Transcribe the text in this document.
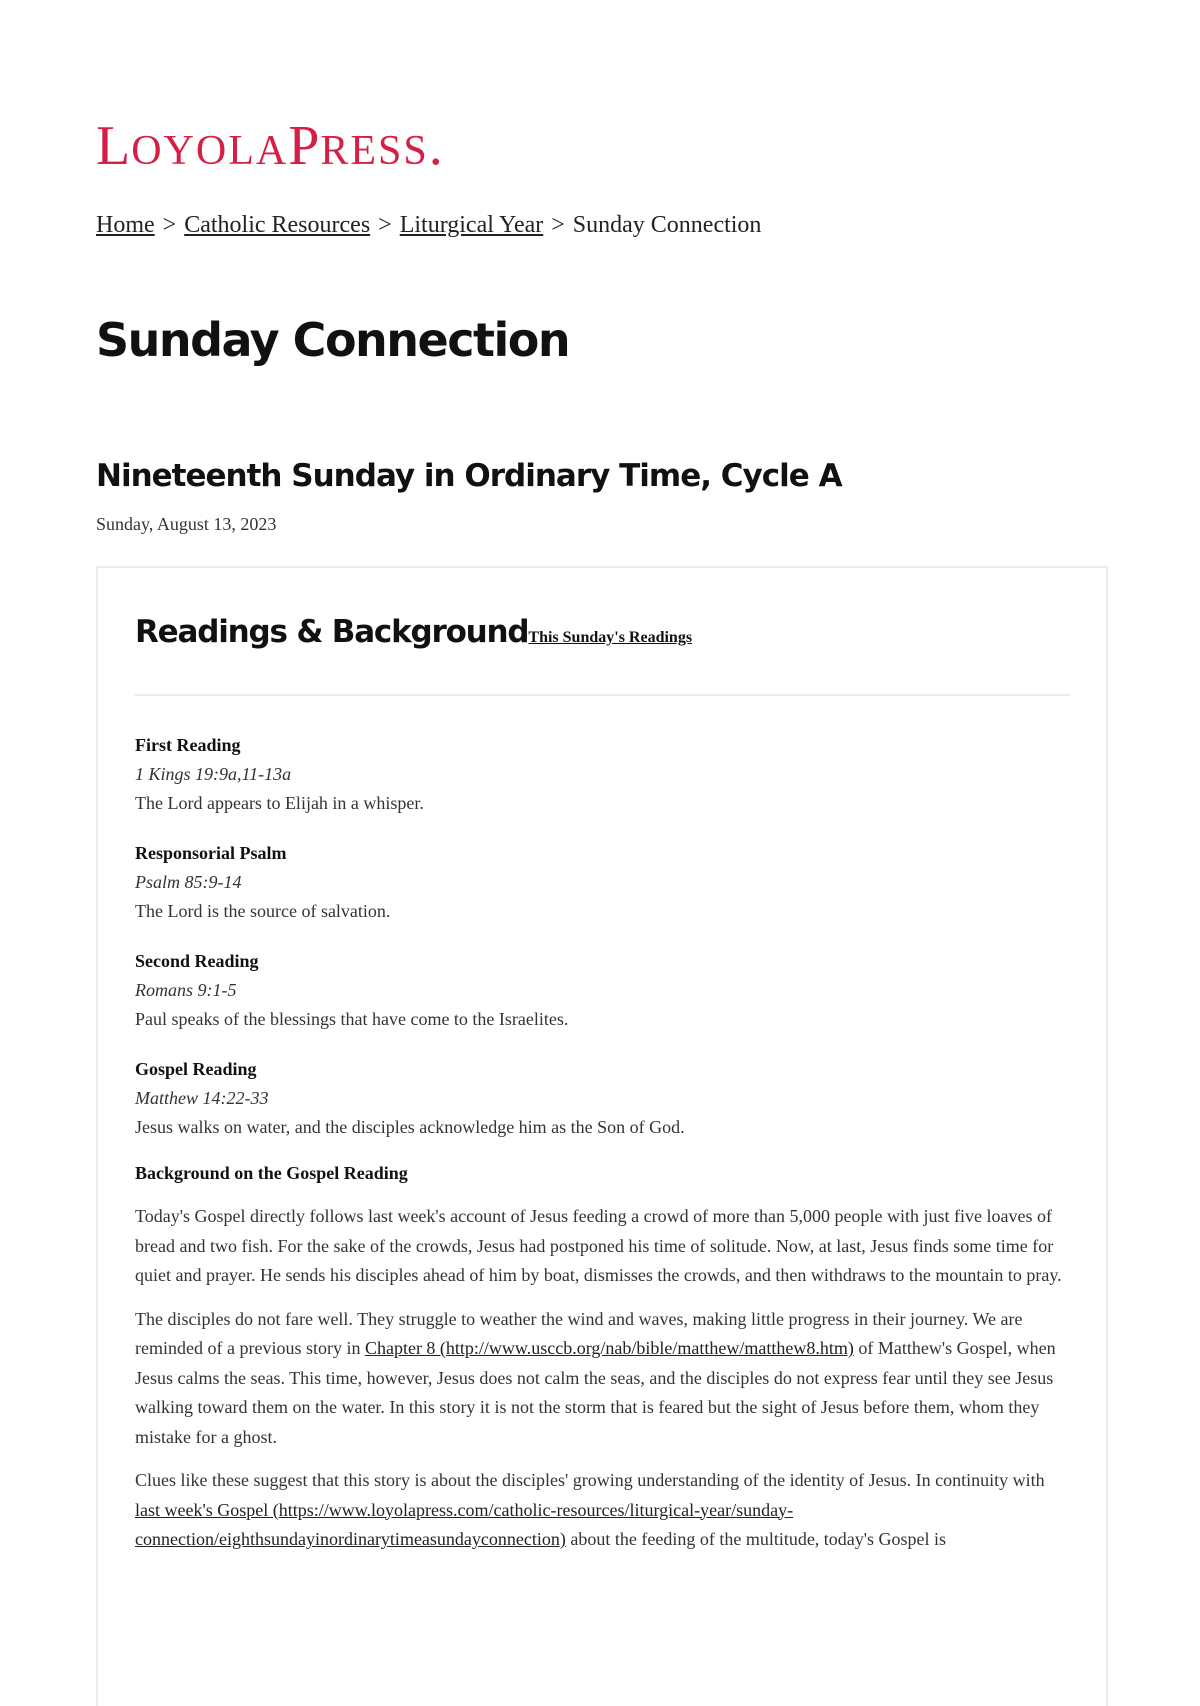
LOYOLAPRESS.
Home > Catholic Resources > Liturgical Year > Sunday Connection
Sunday Connection
Nineteenth Sunday in Ordinary Time, Cycle A
Sunday, August 13, 2023
Readings & BackgroundThis Sunday's Readings
First Reading
1 Kings 19:9a,11-13a
The Lord appears to Elijah in a whisper.
Responsorial Psalm
Psalm 85:9-14
The Lord is the source of salvation.
Second Reading
Romans 9:1-5
Paul speaks of the blessings that have come to the Israelites.
Gospel Reading
Matthew 14:22-33
Jesus walks on water, and the disciples acknowledge him as the Son of God.
Background on the Gospel Reading

Today's Gospel directly follows last week's account of Jesus feeding a crowd of more than 5,000 people with just five loaves of bread and two fish. For the sake of the crowds, Jesus had postponed his time of solitude. Now, at last, Jesus finds some time for quiet and prayer. He sends his disciples ahead of him by boat, dismisses the crowds, and then withdraws to the mountain to pray.

The disciples do not fare well. They struggle to weather the wind and waves, making little progress in their journey. We are reminded of a previous story in Chapter 8 (http://www.usccb.org/nab/bible/matthew/matthew8.htm) of Matthew's Gospel, when Jesus calms the seas. This time, however, Jesus does not calm the seas, and the disciples do not express fear until they see Jesus walking toward them on the water. In this story it is not the storm that is feared but the sight of Jesus before them, whom they mistake for a ghost.

Clues like these suggest that this story is about the disciples' growing understanding of the identity of Jesus. In continuity with last week's Gospel (https://www.loyolapress.com/catholic-resources/liturgical-year/sunday-connection/eighthsundayinordinarytimeasundayconnection) about the feeding of the multitude, today's Gospel is
